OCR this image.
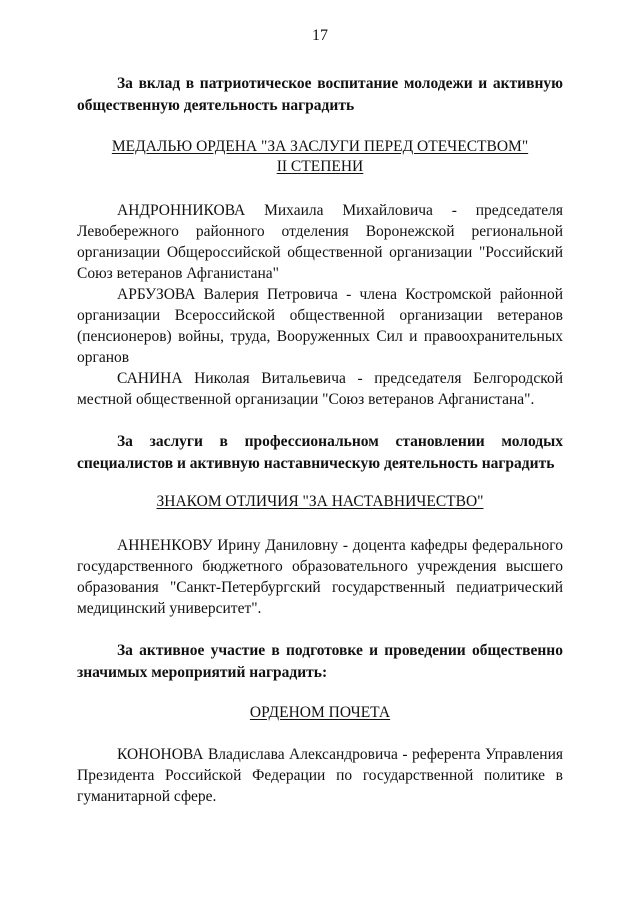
17
За вклад в патриотическое воспитание молодежи и активную общественную деятельность наградить
МЕДАЛЬЮ ОРДЕНА "ЗА ЗАСЛУГИ ПЕРЕД ОТЕЧЕСТВОМ"
II СТЕПЕНИ
АНДРОННИКОВА Михаила Михайловича - председателя Левобережного районного отделения Воронежской региональной организации Общероссийской общественной организации "Российский Союз ветеранов Афганистана"
АРБУЗОВА Валерия Петровича - члена Костромской районной организации Всероссийской общественной организации ветеранов (пенсионеров) войны, труда, Вооруженных Сил и правоохранительных органов
САНИНА Николая Витальевича - председателя Белгородской местной общественной организации "Союз ветеранов Афганистана".
За заслуги в профессиональном становлении молодых специалистов и активную наставническую деятельность наградить
ЗНАКОМ ОТЛИЧИЯ "ЗА НАСТАВНИЧЕСТВО"
АННЕНКОВУ Ирину Даниловну - доцента кафедры федерального государственного бюджетного образовательного учреждения высшего образования "Санкт-Петербургский государственный педиатрический медицинский университет".
За активное участие в подготовке и проведении общественно значимых мероприятий наградить:
ОРДЕНОМ ПОЧЕТА
КОНОНОВА Владислава Александровича - референта Управления Президента Российской Федерации по государственной политике в гуманитарной сфере.
